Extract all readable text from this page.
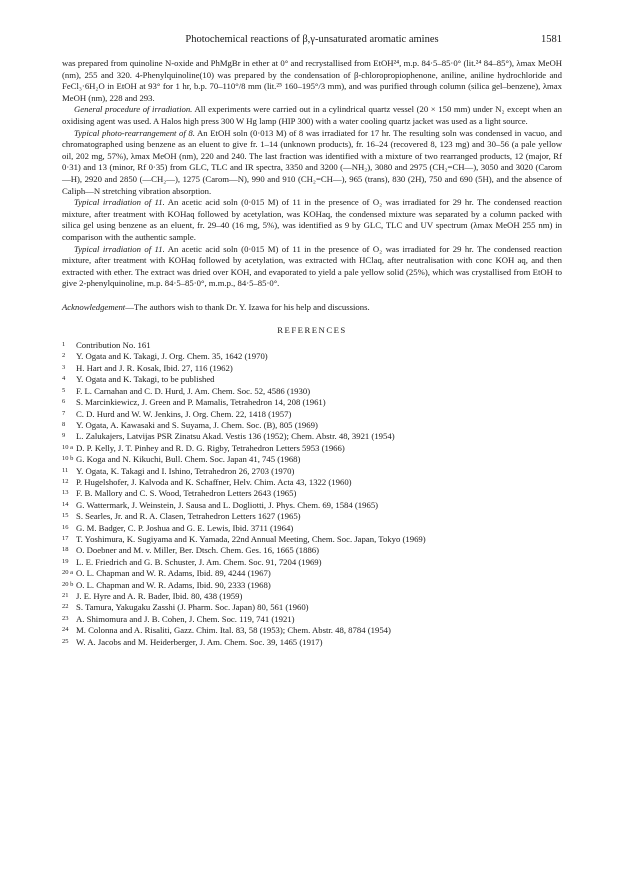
Photochemical reactions of β,γ-unsaturated aromatic amines	1581

was prepared from quinoline N-oxide and PhMgBr in ether at 0° and recrystallised from EtOH²⁴, m.p. 84·5–85·0° (lit.²⁴ 84–85°), λmax MeOH (nm), 255 and 320. 4-Phenylquinoline(10) was prepared by the condensation of β-chloropropiophenone, aniline, aniline hydrochloride and FeCl₃·6H₂O in EtOH at 93° for 1 hr, b.p. 70–110°/8 mm (lit.²⁵ 160–195°/3 mm), and was purified through column (silica gel–benzene), λmax MeOH (nm), 228 and 293.

General procedure of irradiation. All experiments were carried out in a cylindrical quartz vessel (20 × 150 mm) under N₂ except when an oxidising agent was used. A Halos high press 300 W Hg lamp (HIP 300) with a water cooling quartz jacket was used as a light source.

Typical photo-rearrangement of 8. An EtOH soln (0·013 M) of 8 was irradiated for 17 hr. The resulting soln was condensed in vacuo, and chromatographed using benzene as an eluent to give fr. 1–14 (unknown products), fr. 16–24 (recovered 8, 123 mg) and 30–56 (a pale yellow oil, 202 mg, 57%), λmax MeOH (nm), 220 and 240. The last fraction was identified with a mixture of two rearranged products, 12 (major, Rf 0·31) and 13 (minor, Rf 0·35) from GLC, TLC and IR spectra, 3350 and 3200 (—NH₂), 3080 and 2975 (CH₂=CH—), 3050 and 3020 (Carom—H), 2920 and 2850 (—CH₂—), 1275 (Carom—N), 990 and 910 (CH₂=CH—), 965 (trans), 830 (2H), 750 and 690 (5H), and the absence of Caliph—N stretching vibration absorption.

Typical irradiation of 11. An acetic acid soln (0·015 M) of 11 in the presence of O₂ was irradiated for 29 hr. The condensed reaction mixture, after treatment with KOHaq followed by acetylation, was KOHaq, the condensed mixture was separated by a column packed with silica gel using benzene as an eluent, fr. 29–40 (16 mg, 5%), was identified as 9 by GLC, TLC and UV spectrum (λmax MeOH 255 nm) in comparison with the authentic sample.

Typical irradiation of 11. An acetic acid soln (0·015 M) of 11 in the presence of O₂ was irradiated for 29 hr. The condensed reaction mixture, after treatment with KOHaq followed by acetylation, was extracted with HClaq, after neutralisation with conc KOH aq, and then extracted with ether. The extract was dried over KOH, and evaporated to yield a pale yellow solid (25%), which was crystallised from EtOH to give 2-phenylquinoline, m.p. 84·5–85·0°, m.m.p., 84·5–85·0°.

Acknowledgement—The authors wish to thank Dr. Y. Izawa for his help and discussions.

REFERENCES
1	Contribution No. 161
2	Y. Ogata and K. Takagi, J. Org. Chem. 35, 1642 (1970)
3	H. Hart and J. R. Kosak, Ibid. 27, 116 (1962)
4	Y. Ogata and K. Takagi, to be published
5	F. L. Carnahan and C. D. Hurd, J. Am. Chem. Soc. 52, 4586 (1930)
6	S. Marcinkiewicz, J. Green and P. Mamalis, Tetrahedron 14, 208 (1961)
7	C. D. Hurd and W. W. Jenkins, J. Org. Chem. 22, 1418 (1957)
8	Y. Ogata, A. Kawasaki and S. Suyama, J. Chem. Soc. (B), 805 (1969)
9	L. Zalukajers, Latvijas PSR Zinatsu Akad. Vestis 136 (1952); Chem. Abstr. 48, 3921 (1954)
10 a D. P. Kelly, J. T. Pinhey and R. D. G. Rigby, Tetrahedron Letters 5953 (1966)
10 b G. Koga and N. Kikuchi, Bull. Chem. Soc. Japan 41, 745 (1968)
11 Y. Ogata, K. Takagi and I. Ishino, Tetrahedron 26, 2703 (1970)
12 P. Hugelshofer, J. Kalvoda and K. Schaffner, Helv. Chim. Acta 43, 1322 (1960)
13 F. B. Mallory and C. S. Wood, Tetrahedron Letters 2643 (1965)
14 G. Wattermark, J. Weinstein, J. Sausa and L. Dogliotti, J. Phys. Chem. 69, 1584 (1965)
15 S. Searles, Jr. and R. A. Clasen, Tetrahedron Letters 1627 (1965)
16 G. M. Badger, C. P. Joshua and G. E. Lewis, Ibid. 3711 (1964)
17 T. Yoshimura, K. Sugiyama and K. Yamada, 22nd Annual Meeting, Chem. Soc. Japan, Tokyo (1969)
18 O. Doebner and M. v. Miller, Ber. Dtsch. Chem. Ges. 16, 1665 (1886)
19 L. E. Friedrich and G. B. Schuster, J. Am. Chem. Soc. 91, 7204 (1969)
20 a O. L. Chapman and W. R. Adams, Ibid. 89, 4244 (1967)
20 b O. L. Chapman and W. R. Adams, Ibid. 90, 2333 (1968)
21 J. E. Hyre and A. R. Bader, Ibid. 80, 438 (1959)
22 S. Tamura, Yakugaku Zasshi (J. Pharm. Soc. Japan) 80, 561 (1960)
23 A. Shimomura and J. B. Cohen, J. Chem. Soc. 119, 741 (1921)
24 M. Colonna and A. Risaliti, Gazz. Chim. Ital. 83, 58 (1953); Chem. Abstr. 48, 8784 (1954)
25 W. A. Jacobs and M. Heiderberger, J. Am. Chem. Soc. 39, 1465 (1917)
